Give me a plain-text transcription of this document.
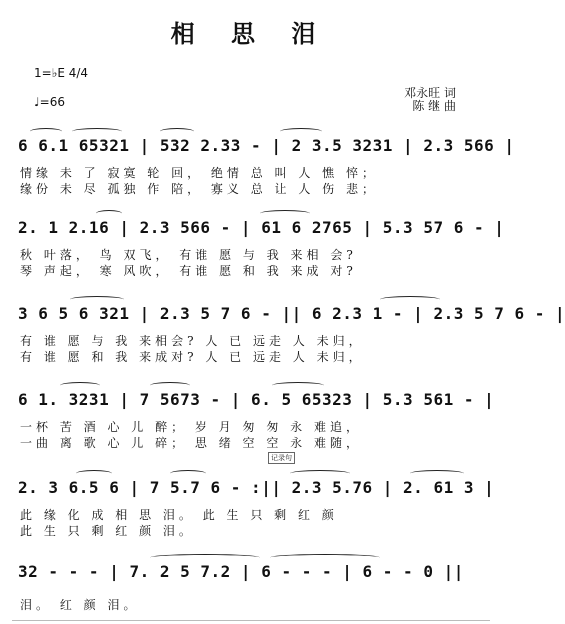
相 思 泪
1=♭E 4/4
♩=66
邓永旺 词
陈 继 曲
6 6.1 65321 | 532 2.33 - | 2 3.5 3231 | 2.3 566 |
情缘 未 了 寂寞 轮 回， 绝情 总 叫 人 憔 悴；
缘份 未 尽 孤独 作 陪， 寡义 总 让 人 伤 悲；
2. 1 2.16 | 2.3 566 - | 61 6 2765 | 5.3 57 6 - |
秋 叶落， 鸟 双飞， 有谁 愿 与 我 来相 会?
琴 声起， 寒 风吹， 有谁 愿 和 我 来成 对?
3 6 5 6 321 | 2.3 5 7 6 - || 6 2.3 1 - | 2.3 5 7 6 - |
有 谁 愿 与 我 来相会? 人 已 远走 人 未归，
有 谁 愿 和 我 来成对? 人 已 远走 人 未归，
6 1. 3231 | 7 5673 - | 6. 5 65323 | 5.3 561 - |
一杯 苦 酒 心 儿 醉； 岁 月 匆 匆 永 难追，
一曲 离 歌 心 儿 碎； 思 绪 空 空 永 难随，
记录句
2. 3 6.5 6 | 7 5.7 6 - :|| 2.3 5.76 | 2. 61 3 |
此 缘 化 成 相 思 泪。 此 生 只 剩 红 颜
此 生 只 剩 红 颜 泪。
32 - - - | 7. 2 5 7.2 | 6 - - - | 6 - - 0 ||
泪。 红 颜 泪。
